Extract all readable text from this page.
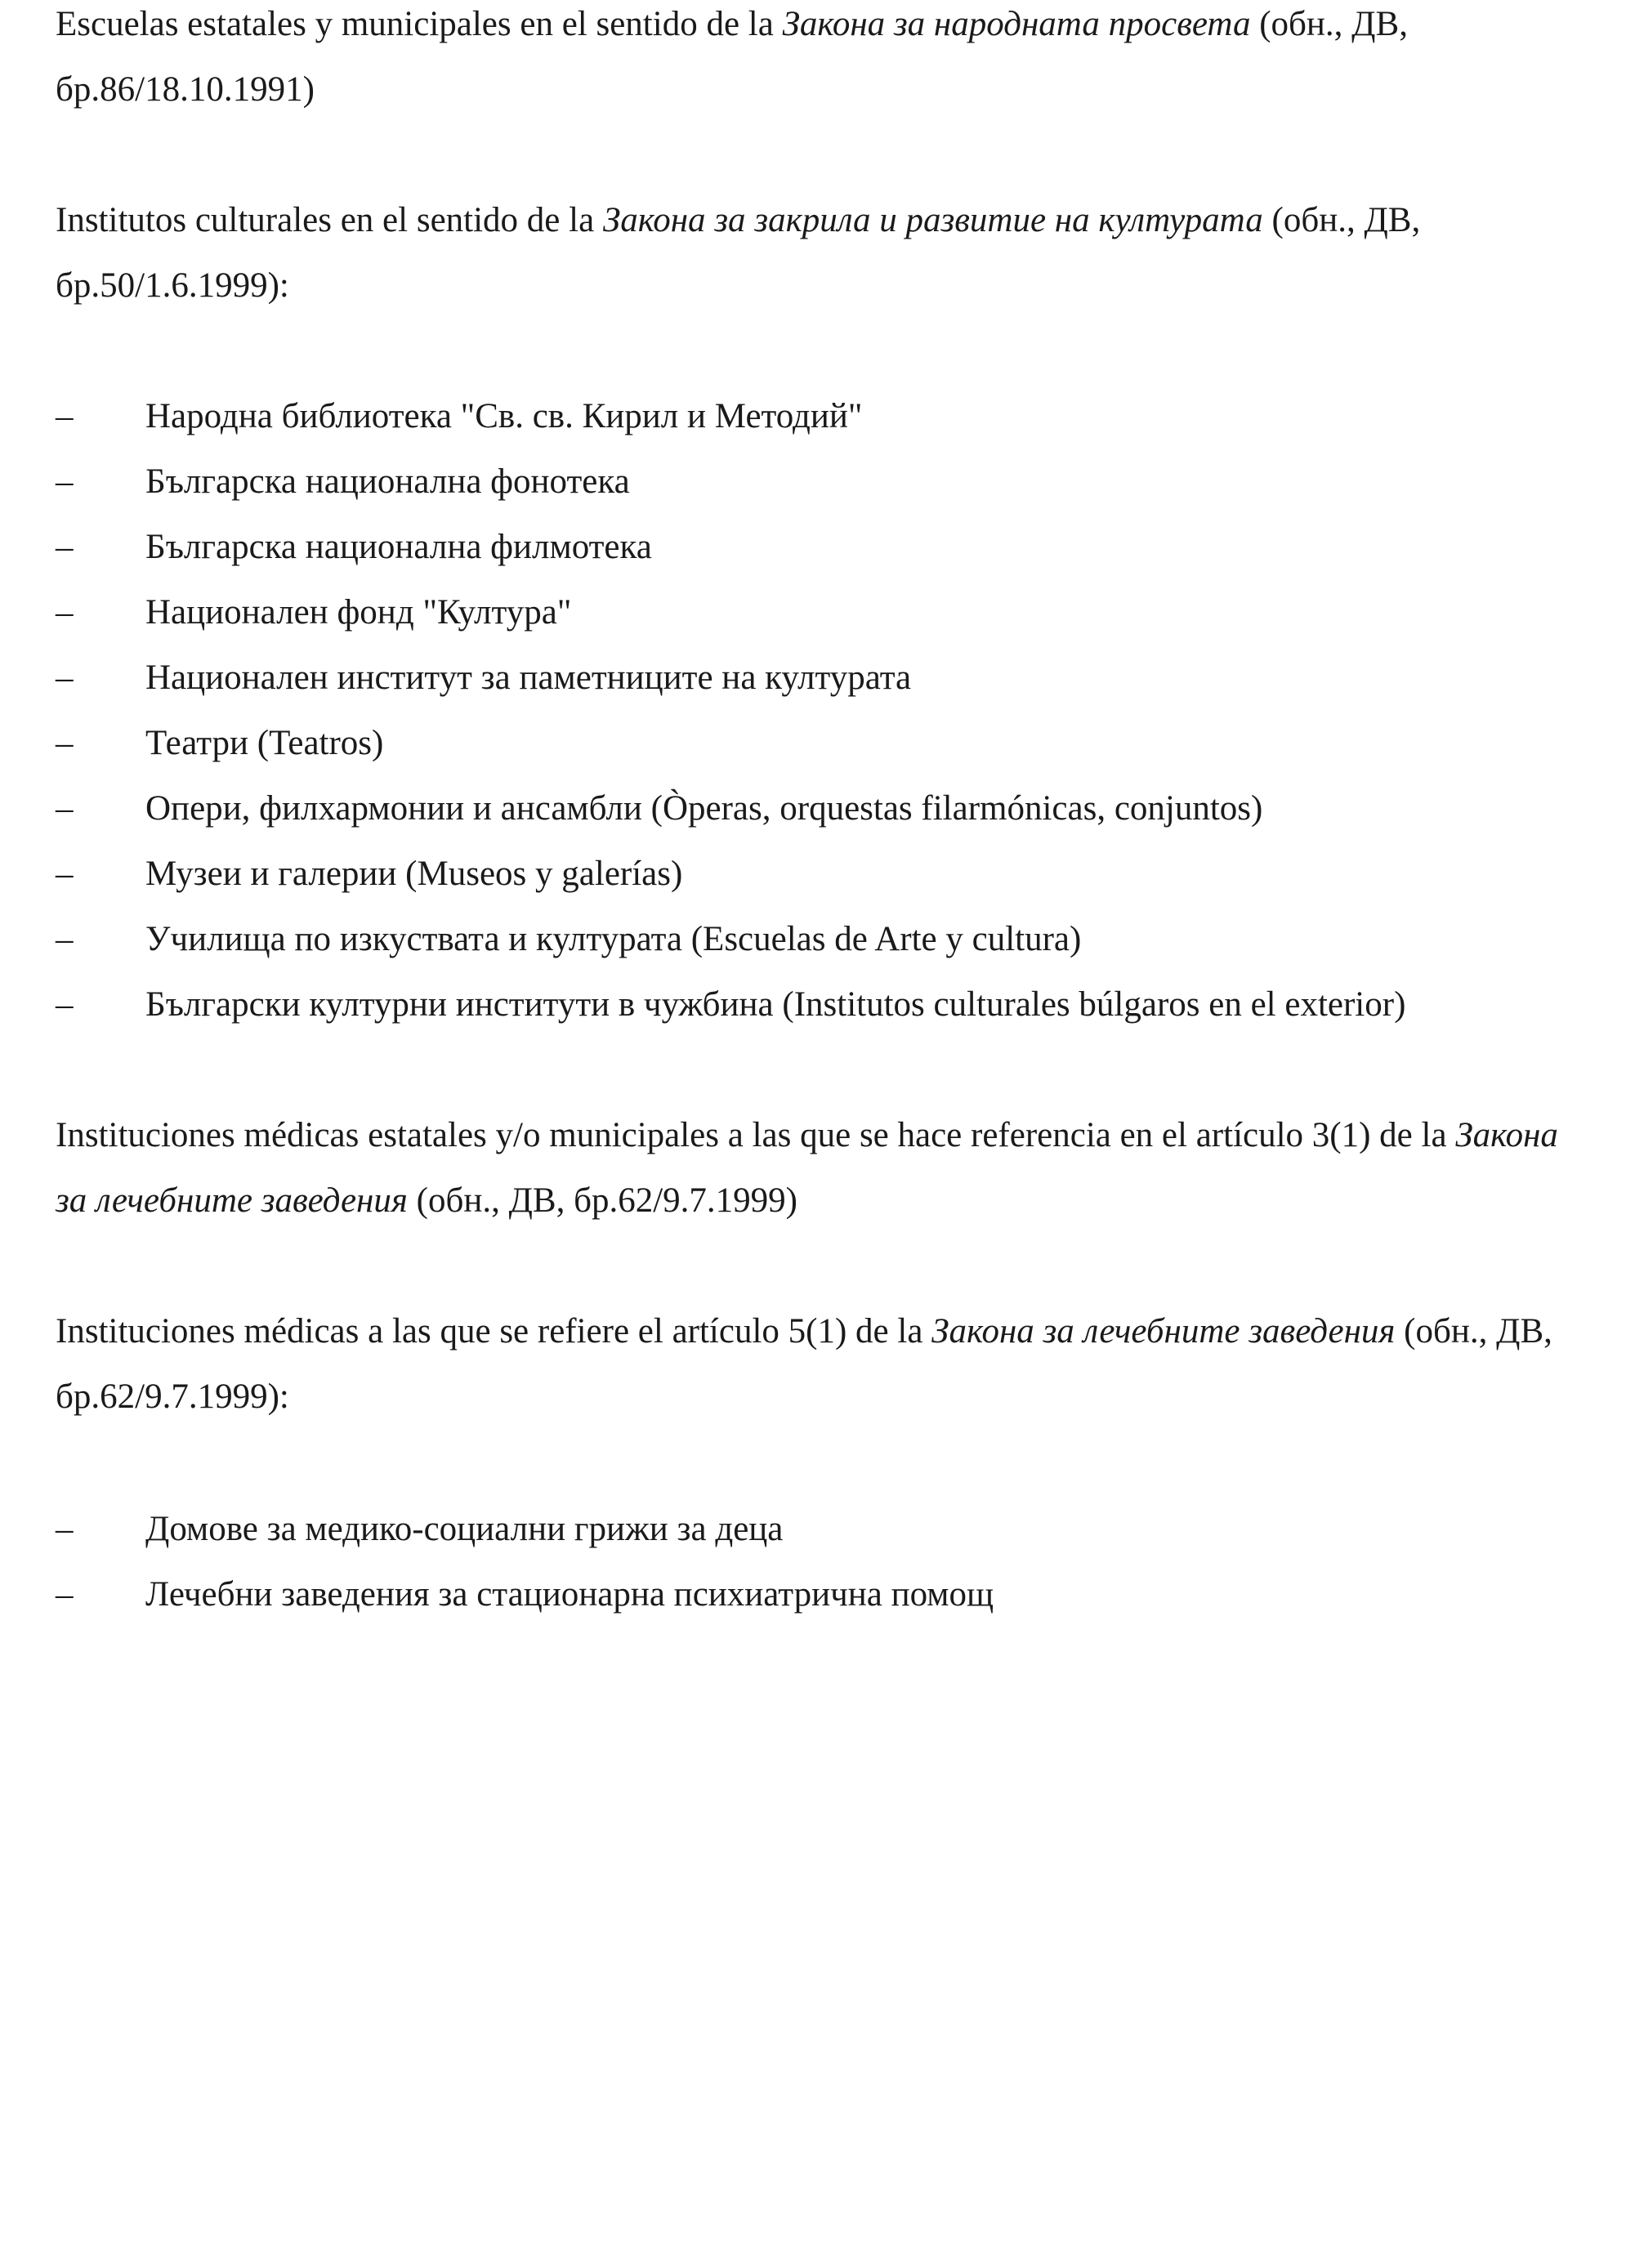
Escuelas estatales y municipales en el sentido de la Закона за народната просвета (обн., ДВ, бр.86/18.10.1991)

Institutos culturales en el sentido de la Закона за закрила и развитие на културата (обн., ДВ, бр.50/1.6.1999):

– Народна библиотека "Св. св. Кирил и Методий"
– Българска национална фонотека
– Българска национална филмотека
– Национален фонд "Култура"
– Национален институт за паметниците на културата
– Театри (Teatros)
– Опери, филхармонии и ансамбли (Òperas, orquestas filarmónicas, conjuntos)
– Музеи и галерии (Museos y galerías)
– Училища по изкуствата и културата (Escuelas de Arte y cultura)
– Български културни институти в чужбина (Institutos culturales búlgaros en el exterior)

Instituciones médicas estatales y/o municipales a las que se hace referencia en el artículo 3(1) de la Закона за лечебните заведения (обн., ДВ, бр.62/9.7.1999)

Instituciones médicas a las que se refiere el artículo 5(1) de la Закона за лечебните заведения (обн., ДВ, бр.62/9.7.1999):

– Домове за медико-социални грижи за деца
– Лечебни заведения за стационарна психиатрична помощ
